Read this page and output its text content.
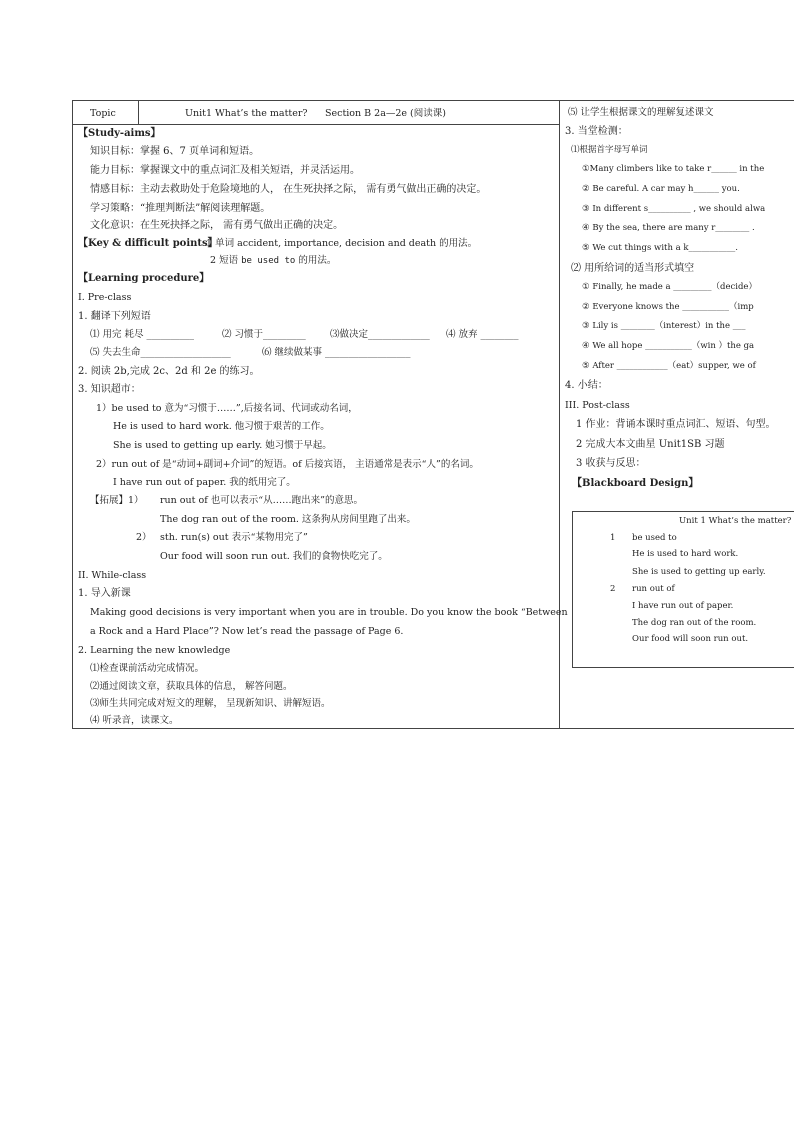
Topic	Unit1 What’s the matter? Section B 2a—2e (阅读课)
【Study-aims】
知识目标：掌握 6、7 页单词和短语。
能力目标：掌握课文中的重点词汇及相关短语，并灵活运用。
情感目标：主动去救助处于危险境地的人， 在生死抉择之际， 需有勇气做出正确的决定。
学习策略：“推理判断法”解阅读理解题。
文化意识：在生死抉择之际， 需有勇气做出正确的决定。
【Key & difficult points】
1 单词 accident, importance, decision and death 的用法。
2 短语 be used to 的用法。
【Learning procedure】
I. Pre-class
1. 翻译下列短语
⑴ 用完 耗尽 __________	⑵ 习惯于_________	⑶做决定_____________ ⑷ 放弃 ________
⑸ 失去生命___________________	⑹ 继续做某事 __________________
2. 阅读 2b,完成 2c、2d 和 2e 的练习。
3. 知识超市：
1）be used to 意为“习惯于……”,后接名词、代词或动名词，
He is used to hard work. 他习惯于艰苦的工作。
She is used to getting up early. 她习惯于早起。
2）run out of 是“动词+副词+介词”的短语。of 后接宾语， 主语通常是表示“人”的名词。
I have run out of paper. 我的纸用完了。
【拓展】1） run out of 也可以表示“从……跑出来”的意思。
The dog ran out of the room. 这条狗从房间里跑了出来。
2） sth. run(s) out 表示“某物用完了”
Our food will soon run out. 我们的食物快吃完了。
II. While-class
1. 导入新课
Making good decisions is very important when you are in trouble. Do you know the book “Between
a Rock and a Hard Place”? Now let’s read the passage of Page 6.
2. Learning the new knowledge
⑴检查课前活动完成情况。
⑵通过阅读文章，获取具体的信息， 解答问题。
⑶师生共同完成对短文的理解， 呈现新知识、讲解短语。
⑷ 听录音，读课文。
⑸ 让学生根据课文的理解复述课文
3. 当堂检测：
⑴根据首字母写单词
①Many climbers like to take r______ in the
② Be careful. A car may h______ you.
③ In different s__________ , we should alwa
④ By the sea, there are many r________ .
⑤ We cut things with a k___________.
⑵ 用所给词的适当形式填空
① Finally, he made a _________（decide）
② Everyone knows the ___________（imp
③ Lily is ________（interest）in the ___
④ We all hope ___________（win ）the ga
⑤ After ____________（eat）supper, we of
4. 小结：
III. Post-class
1 作业：背诵本课时重点词汇、短语、句型。
2 完成大本文曲星 Unit1SB 习题
3 收获与反思：
【Blackboard Design】
Unit 1 What’s the matter?
1 be used to
He is used to hard work.
She is used to getting up early.
2 run out of
I have run out of paper.
The dog ran out of the room.
Our food will soon run out.
